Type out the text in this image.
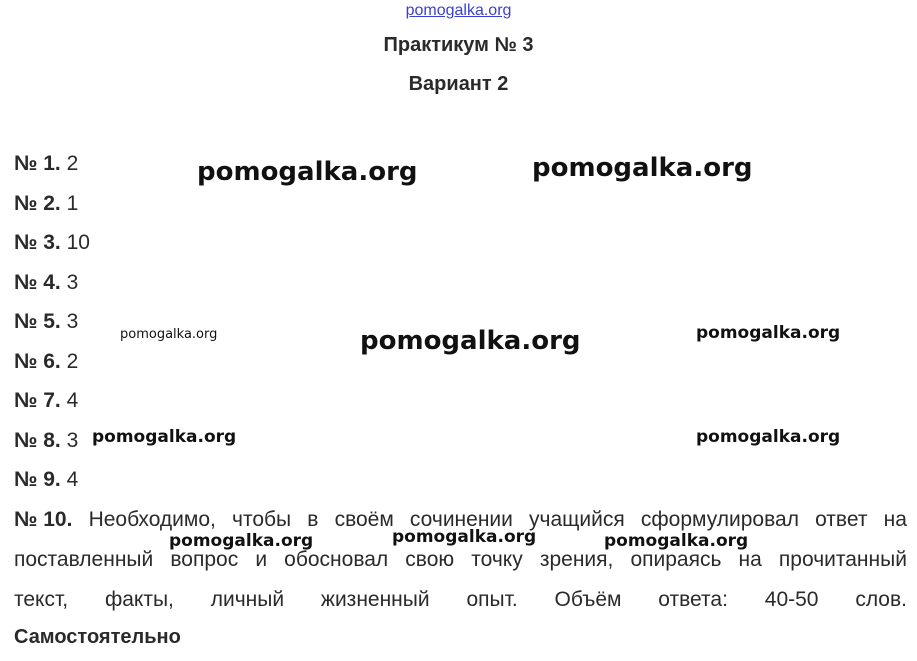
pomogalka.org
Практикум № 3
Вариант 2
№ 1. 2
№ 2. 1
№ 3. 10
№ 4. 3
№ 5. 3
№ 6. 2
№ 7. 4
№ 8. 3
№ 9. 4
№ 10. Необходимо, чтобы в своём сочинении учащийся сформулировал ответ на
поставленный вопрос и обосновал свою точку зрения, опираясь на прочитанный
текст, факты, личный жизненный опыт. Объём ответа: 40-50 слов.
Самостоятельно
pomogalka.org	pomogalka.org
pomogalka.org	pomogalka.org	pomogalka.org
pomogalka.org	pomogalka.org
pomogalka.org	pomogalka.org	pomogalka.org
